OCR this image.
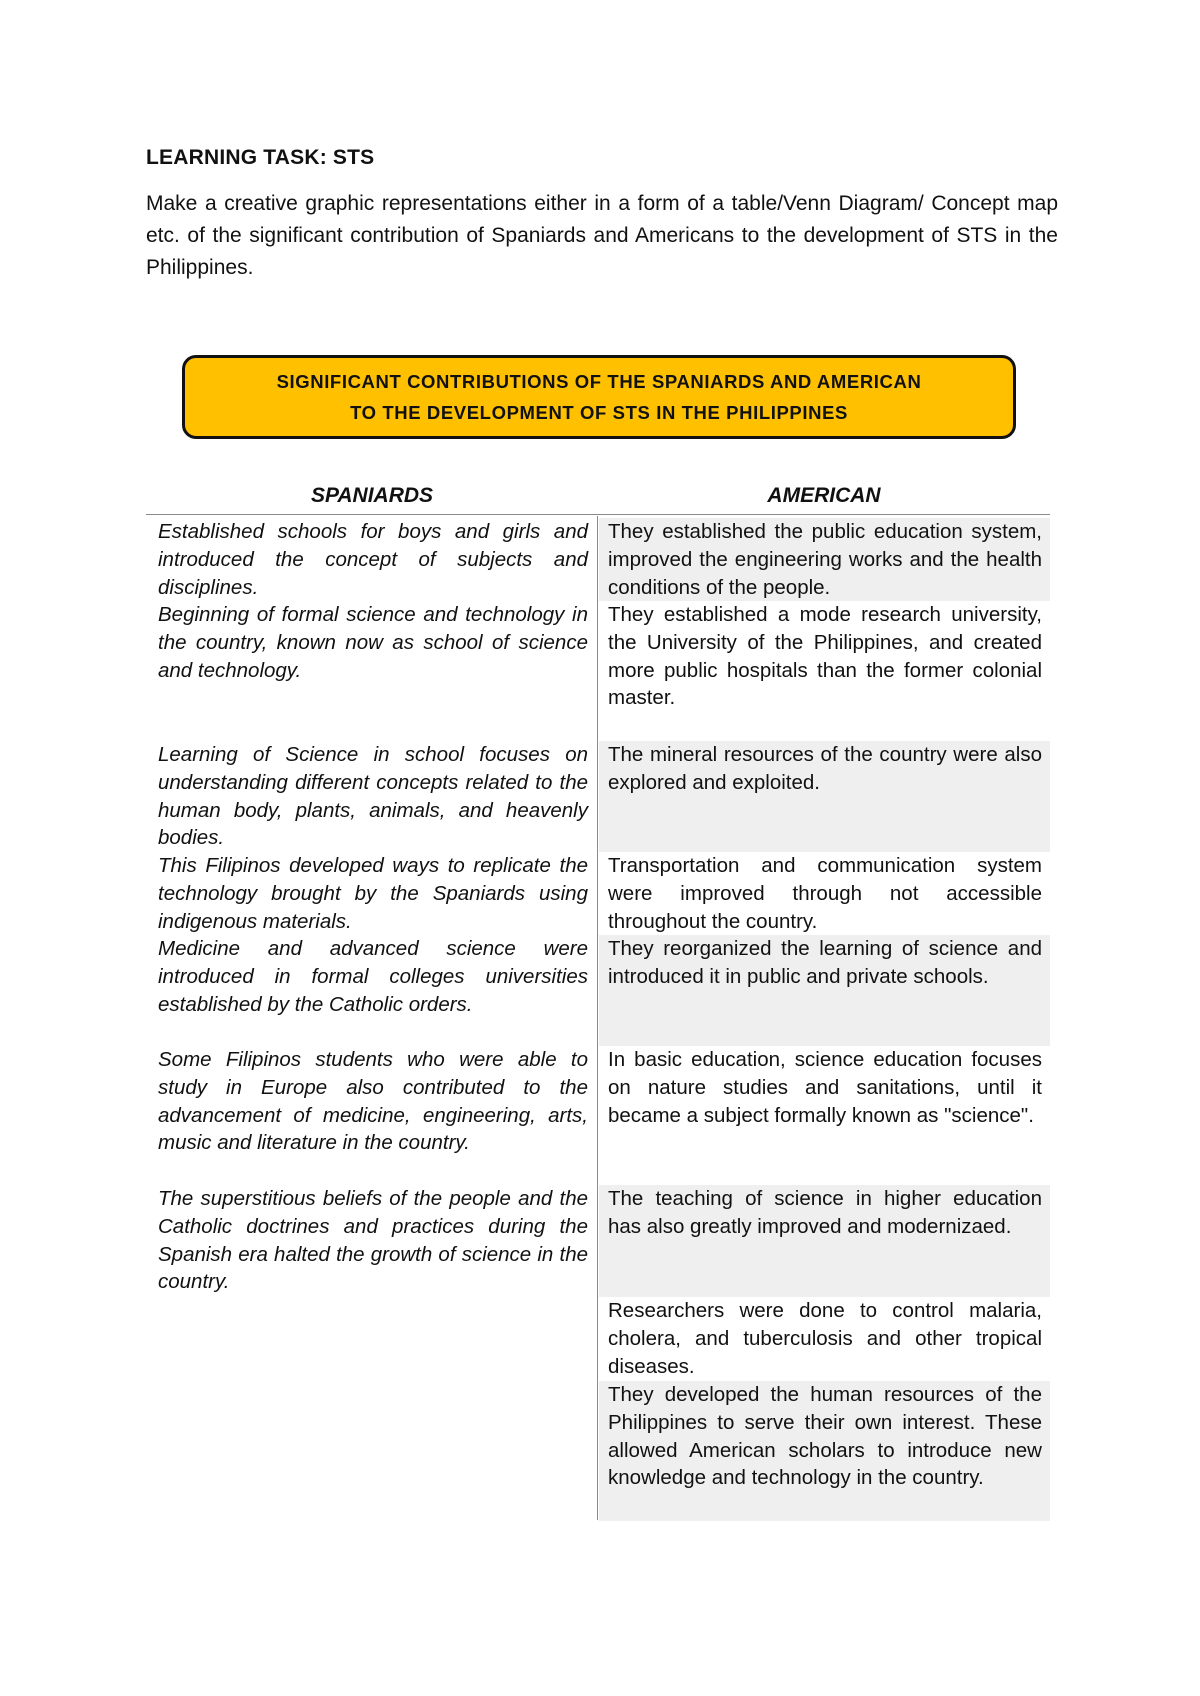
LEARNING TASK: STS
Make a creative graphic representations either in a form of a table/Venn Diagram/ Concept map etc. of the significant contribution of Spaniards and Americans to the development of STS in the Philippines.
SIGNIFICANT CONTRIBUTIONS OF THE SPANIARDS AND AMERICAN
TO THE DEVELOPMENT OF STS IN THE PHILIPPINES
SPANIARDS	AMERICAN
Established schools for boys and girls and introduced the concept of subjects and disciplines.
Beginning of formal science and technology in the country, known now as school of science and technology.
Learning of Science in school focuses on understanding different concepts related to the human body, plants, animals, and heavenly bodies.
This Filipinos developed ways to replicate the technology brought by the Spaniards using indigenous materials.
Medicine and advanced science were introduced in formal colleges universities established by the Catholic orders.
Some Filipinos students who were able to study in Europe also contributed to the advancement of medicine, engineering, arts, music and literature in the country.
The superstitious beliefs of the people and the Catholic doctrines and practices during the Spanish era halted the growth of science in the country.
They established the public education system, improved the engineering works and the health conditions of the people.
They established a mode research university, the University of the Philippines, and created more public hospitals than the former colonial master.
The mineral resources of the country were also explored and exploited.
Transportation and communication system were improved through not accessible throughout the country.
They reorganized the learning of science and introduced it in public and private schools.
In basic education, science education focuses on nature studies and sanitations, until it became a subject formally known as "science".
The teaching of science in higher education has also greatly improved and modernizaed.
Researchers were done to control malaria, cholera, and tuberculosis and other tropical diseases.
They developed the human resources of the Philippines to serve their own interest. These allowed American scholars to introduce new knowledge and technology in the country.
